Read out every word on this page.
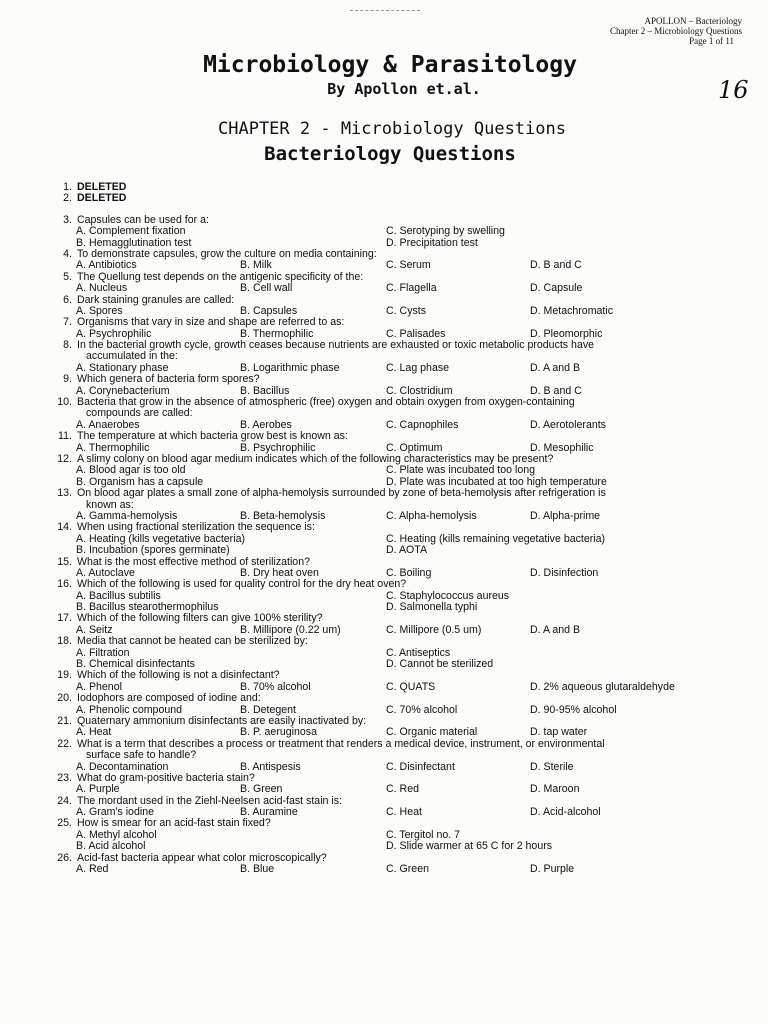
APOLLON – Bacteriology
Chapter 2 – Microbiology Questions
Page 1 of 11
Microbiology & Parasitology
By Apollon et.al.	16
CHAPTER 2 - Microbiology Questions
Bacteriology Questions
1. DELETED
2. DELETED
3. Capsules can be used for a:
A. Complement fixation	C. Serotyping by swelling
B. Hemagglutination test	D. Precipitation test
4. To demonstrate capsules, grow the culture on media containing:
A. Antibiotics	B. Milk	C. Serum	D. B and C
5. The Quellung test depends on the antigenic specificity of the:
A. Nucleus	B. Cell wall	C. Flagella	D. Capsule
6. Dark staining granules are called:
A. Spores	B. Capsules	C. Cysts	D. Metachromatic
7. Organisms that vary in size and shape are referred to as:
A. Psychrophilic	B. Thermophilic	C. Palisades	D. Pleomorphic
8. In the bacterial growth cycle, growth ceases because nutrients are exhausted or toxic metabolic products have
accumulated in the:
A. Stationary phase	B. Logarithmic phase	C. Lag phase	D. A and B
9. Which genera of bacteria form spores?
A. Corynebacterium	B. Bacillus	C. Clostridium	D. B and C
10. Bacteria that grow in the absence of atmospheric (free) oxygen and obtain oxygen from oxygen-containing
compounds are called:
A. Anaerobes	B. Aerobes	C. Capnophiles	D. Aerotolerants
11. The temperature at which bacteria grow best is known as:
A. Thermophilic	B. Psychrophilic	C. Optimum	D. Mesophilic
12. A slimy colony on blood agar medium indicates which of the following characteristics may be present?
A. Blood agar is too old	C. Plate was incubated too long
B. Organism has a capsule	D. Plate was incubated at too high temperature
13. On blood agar plates a small zone of alpha-hemolysis surrounded by zone of beta-hemolysis after refrigeration is
known as:
A. Gamma-hemolysis	B. Beta-hemolysis	C. Alpha-hemolysis	D. Alpha-prime
14. When using fractional sterilization the sequence is:
A. Heating (kills vegetative bacteria)	C. Heating (kills remaining vegetative bacteria)
B. Incubation (spores germinate)	D. AOTA
15. What is the most effective method of sterilization?
A. Autoclave	B. Dry heat oven	C. Boiling	D. Disinfection
16. Which of the following is used for quality control for the dry heat oven?
A. Bacillus subtilis	C. Staphylococcus aureus
B. Bacillus stearothermophilus	D. Salmonella typhi
17. Which of the following filters can give 100% sterility?
A. Seitz	B. Millipore (0.22 um)	C. Millipore (0.5 um)	D. A and B
18. Media that cannot be heated can be sterilized by:
A. Filtration	C. Antiseptics
B. Chemical disinfectants	D. Cannot be sterilized
19. Which of the following is not a disinfectant?
A. Phenol	B. 70% alcohol	C. QUATS	D. 2% aqueous glutaraldehyde
20. Iodophors are composed of iodine and:
A. Phenolic compound	B. Detegent	C. 70% alcohol	D. 90-95% alcohol
21. Quaternary ammonium disinfectants are easily inactivated by:
A. Heat	B. P. aeruginosa	C. Organic material	D. tap water
22. What is a term that describes a process or treatment that renders a medical device, instrument, or environmental
surface safe to handle?
A. Decontamination	B. Antispesis	C. Disinfectant	D. Sterile
23. What do gram-positive bacteria stain?
A. Purple	B. Green	C. Red	D. Maroon
24. The mordant used in the Ziehl-Neelsen acid-fast stain is:
A. Gram's iodine	B. Auramine	C. Heat	D. Acid-alcohol
25. How is smear for an acid-fast stain fixed?
A. Methyl alcohol	C. Tergitol no. 7
B. Acid alcohol	D. Slide warmer at 65 C for 2 hours
26. Acid-fast bacteria appear what color microscopically?
A. Red	B. Blue	C. Green	D. Purple
